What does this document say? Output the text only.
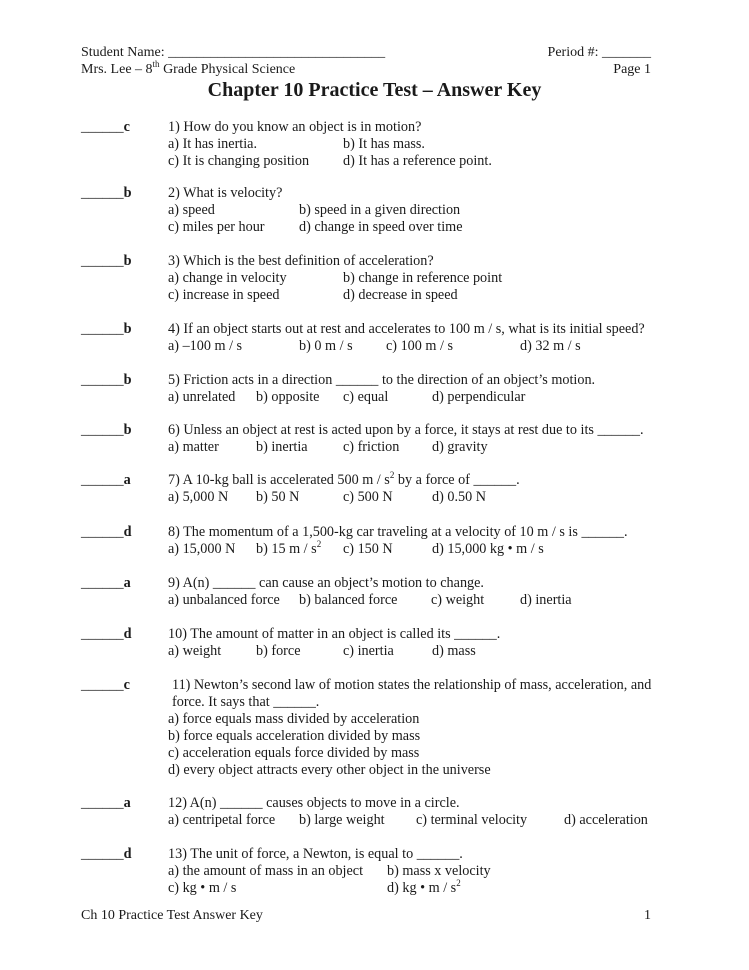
Student Name: _______________________________
Mrs. Lee – 8th Grade Physical Science
Period #: _______
Page 1
Chapter 10 Practice Test – Answer Key
______c	1) How do you know an object is in motion?
a) It has inertia.	b) It has mass.
c) It is changing position d) It has a reference point.
______b	2) What is velocity?
a) speed	b) speed in a given direction
c) miles per hour d) change in speed over time
______b	3) Which is the best definition of acceleration?
a) change in velocity	b) change in reference point
c) increase in speed	d) decrease in speed
______b	4) If an object starts out at rest and accelerates to 100 m / s, what is its initial speed?
a) –100 m / s	b) 0 m / s c) 100 m / s	d) 32 m / s
______b	5) Friction acts in a direction ______ to the direction of an object’s motion.
a) unrelated b) opposite c) equal	d) perpendicular
______b	6) Unless an object at rest is acted upon by a force, it stays at rest due to its ______.
a) matter	b) inertia c) friction d) gravity
______a	7) A 10-kg ball is accelerated 500 m / $s^2$ by a force of ______.
a) 5,000 N b) 50 N	c) 500 N	d) 0.50 N
______d	8) The momentum of a 1,500-kg car traveling at a velocity of 10 m / s is ______.
a) 15,000 N b) 15 m / $s^2$ c) 150 N	d) 15,000 kg • m / s
______a	9) A(n) ______ can cause an object’s motion to change.
a) unbalanced force b) balanced force c) weight	d) inertia
______d	10) The amount of matter in an object is called its ______.
a) weight b) force	c) inertia	d) mass
______c	11) Newton’s second law of motion states the relationship of mass, acceleration, and
force. It says that ______.
a) force equals mass divided by acceleration
b) force equals acceleration divided by mass
c) acceleration equals force divided by mass
d) every object attracts every other object in the universe
______a	12) A(n) ______ causes objects to move in a circle.
a) centripetal force b) large weight c) terminal velocity	d) acceleration
______d	13) The unit of force, a Newton, is equal to ______.
a) the amount of mass in an object b) mass x velocity
c) kg • m / s	d) kg • m / $s^2$
Ch 10 Practice Test Answer Key	1
